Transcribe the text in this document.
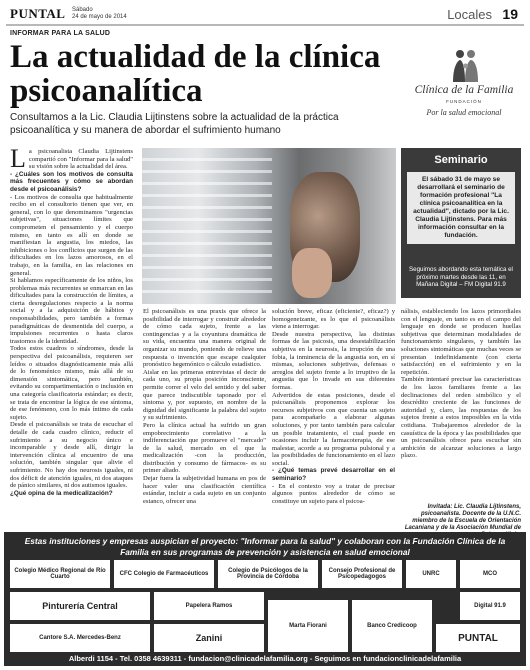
PUNTAL Sábado
24 de mayo de 2014	Locales 19
INFORMAR PARA LA SALUD
La actualidad de la clínica psicoanalítica
Consultamos a la Lic. Claudia Lijtinstens sobre la actualidad de la práctica psicoanalítica y su manera de abordar el sufrimiento humano
Clínica de la Familia
FUNDACIÓN
Por la salud emocional

La psicoanalista Claudia Lijtinstens compartió con "Informar para la salud" su visión sobre la actualidad del área.

- ¿Cuáles son los motivos de consulta más frecuentes y cómo se abordan desde el psicoanálisis?

- Los motivos de consulta que habitualmente recibo en el consultorio tienen que ver, en general, con lo que denominamos "urgencias subjetivas", situaciones límites que comprometen el pensamiento y el cuerpo mismo, en tanto es allí en donde se manifiestan la angustia, los miedos, las inhibiciones o los conflictos que surgen de las dificultades en los lazos amorosos, en el trabajo, en la familia, en las relaciones en general.

Si hablamos específicamente de los niños, los problemas más recurrentes se enmarcan en las dificultades para la construcción de límites, a cierta desregulaciones respecto a la norma social y a la adquisición de hábitos y responsabilidades, pero también a formas paradigmáticas de desmentida del cuerpo, a impulsiones recurrentes o hasta claros trastornos de la identidad.

Todos estos cuadros o síndromes, desde la perspectiva del psicoanálisis, requieren ser leídos o situados diagnósticamente más allá de lo fenoménico mismo, más allá de su dimensión sintomática, pero también, evitando su compartimentación o inclusión en una categoría clasificatoria estándar; es decir, se trata de encontrar la lógica de ese síntoma, de ese fenómeno, con lo más íntimo de cada sujeto.

Desde el psicoanálisis se trata de escuchar el detalle de cada cuadro clínico, reducir el sufrimiento a su negocio único e incomparable y desde allí, dirigir la intervención clínica al encuentro de una solución, también singular que alivie el sufrimiento. No hay dos neurosis iguales, ni dos déficit de atención iguales, ni dos ataques de pánico similares, ni dos autismos iguales.

¿Qué opina de la medicalización?

Seminario
El sábado 31 de mayo se desarrollará el seminario de formación profesional "La clínica psicoanalítica en la actualidad", dictado por la Lic. Claudia Lijtinstens. Para más información consultar en la fundación.
Seguimos abordando esta temática el próximo martes desde las 11, en Mañana Digital – FM Digital 91.9

El psicoanálisis es una praxis que ofrece la posibilidad de interrogar y construir alrededor de cómo cada sujeto, frente a las contingencias y a la coyuntura dramática de su vida, encuentra una manera original de organizar su mundo, poniendo de relieve una respuesta o invención que escape cualquier pronóstico hegemónico o cálculo estadístico.

Aislar en las primeras entrevistas el decir de cada uno, su propia posición inconsciente, permite correr el velo del sentido y del saber que parece indiscutible taponado por el síntoma y, por supuesto, en nombre de la dignidad del significante la palabra del sujeto y su sufrimiento.

Pero la clínica actual ha sufrido un gran empobrecimiento correlativo a la indiferenciación que promueve el "mercado" de la salud, mercado en el que la medicalización -con la producción, distribución y consumo de fármacos- es su primer aliado.

Dejar fuera la subjetividad humana en pos de hacer valer una clasificación científica estándar, incluir a cada sujeto en un conjunto estanco, ofrecer una

solución breve, eficaz (eficiente?, eficaz?) y homogeneizante, es lo que el psicoanálisis viene a interrogar.

Desde nuestra perspectiva, las distintas formas de las psicosis, una desestabilización subjetiva en la neurosis, la irrupción de una fobia, la inminencia de la angustia son, en sí mismas, soluciones subjetivas, defensas o arreglos del sujeto frente a lo irruptivo de la angustia que lo invade en sus diferentes formas.

Advertidos de estas posiciones, desde el psicoanálisis proponemos explorar los recursos subjetivos con que cuenta un sujeto para acompañarlo a elaborar algunas soluciones, y por tanto también para calcular un posible tratamiento, el cual puede en ocasiones incluir la farmacoterapia, de ese malestar, acorde a su programa pulsional y a las posibilidades de funcionamiento en el lazo social.

- ¿Qué temas prevé desarrollar en el seminario?

- En el contexto voy a tratar de precisar algunos puntos alrededor de cómo se constituye un sujeto para el psicoa-

nálisis, estableciendo los lazos primordiales con el lenguaje, en tanto es en el campo del lenguaje en donde se producen huellas subjetivas que determinan modalidades de funcionamiento singulares, y también las soluciones sintomáticas que muchas veces se presentan indefinidamente (con cierta satisfacción) en el sufrimiento y en la repetición.

También intentaré precisar las características de los lazos familiares frente a las declinaciones del orden simbólico y el descrédito creciente de las funciones de autoridad y, claro, las respuestas de los sujetos frente a estos imposibles en la vida cotidiana. Trabajaremos alrededor de la casuística de la época y las posibilidades que un psicoanálisis ofrece para escuchar sin ambición de alcanzar soluciones a largo plazo.

Invitada: Lic. Claudia Lijtinstens, psicoanalista. Docente de la U.N.C. miembro de la Escuela de Orientación Lacaniana y de la Asociación Mundial de
Estas instituciones y empresas auspician el proyecto: "Informar para la salud" y colaboran con la Fundación Clínica de la Familia en sus programas de prevención y asistencia en salud emocional
Colegio Médico Regional de Río Cuarto	CFC Colegio de Farmacéuticos	Colegio de Psicólogos de la Provincia de Córdoba
Consejo Profesional de Psicopedagogos	UNRC	MCO
Pinturería Central	Papelera Ramos	Digital 91.9
Cantore S.A. Mercedes-Benz	Zanini
Marta Fiorani	Banco Credicoop
PUNTAL
Alberdi 1154 - Tel. 0358 4639311 - fundacion@clinicadelafamilia.org - Seguimos en fundacionclinicadelafamilia
